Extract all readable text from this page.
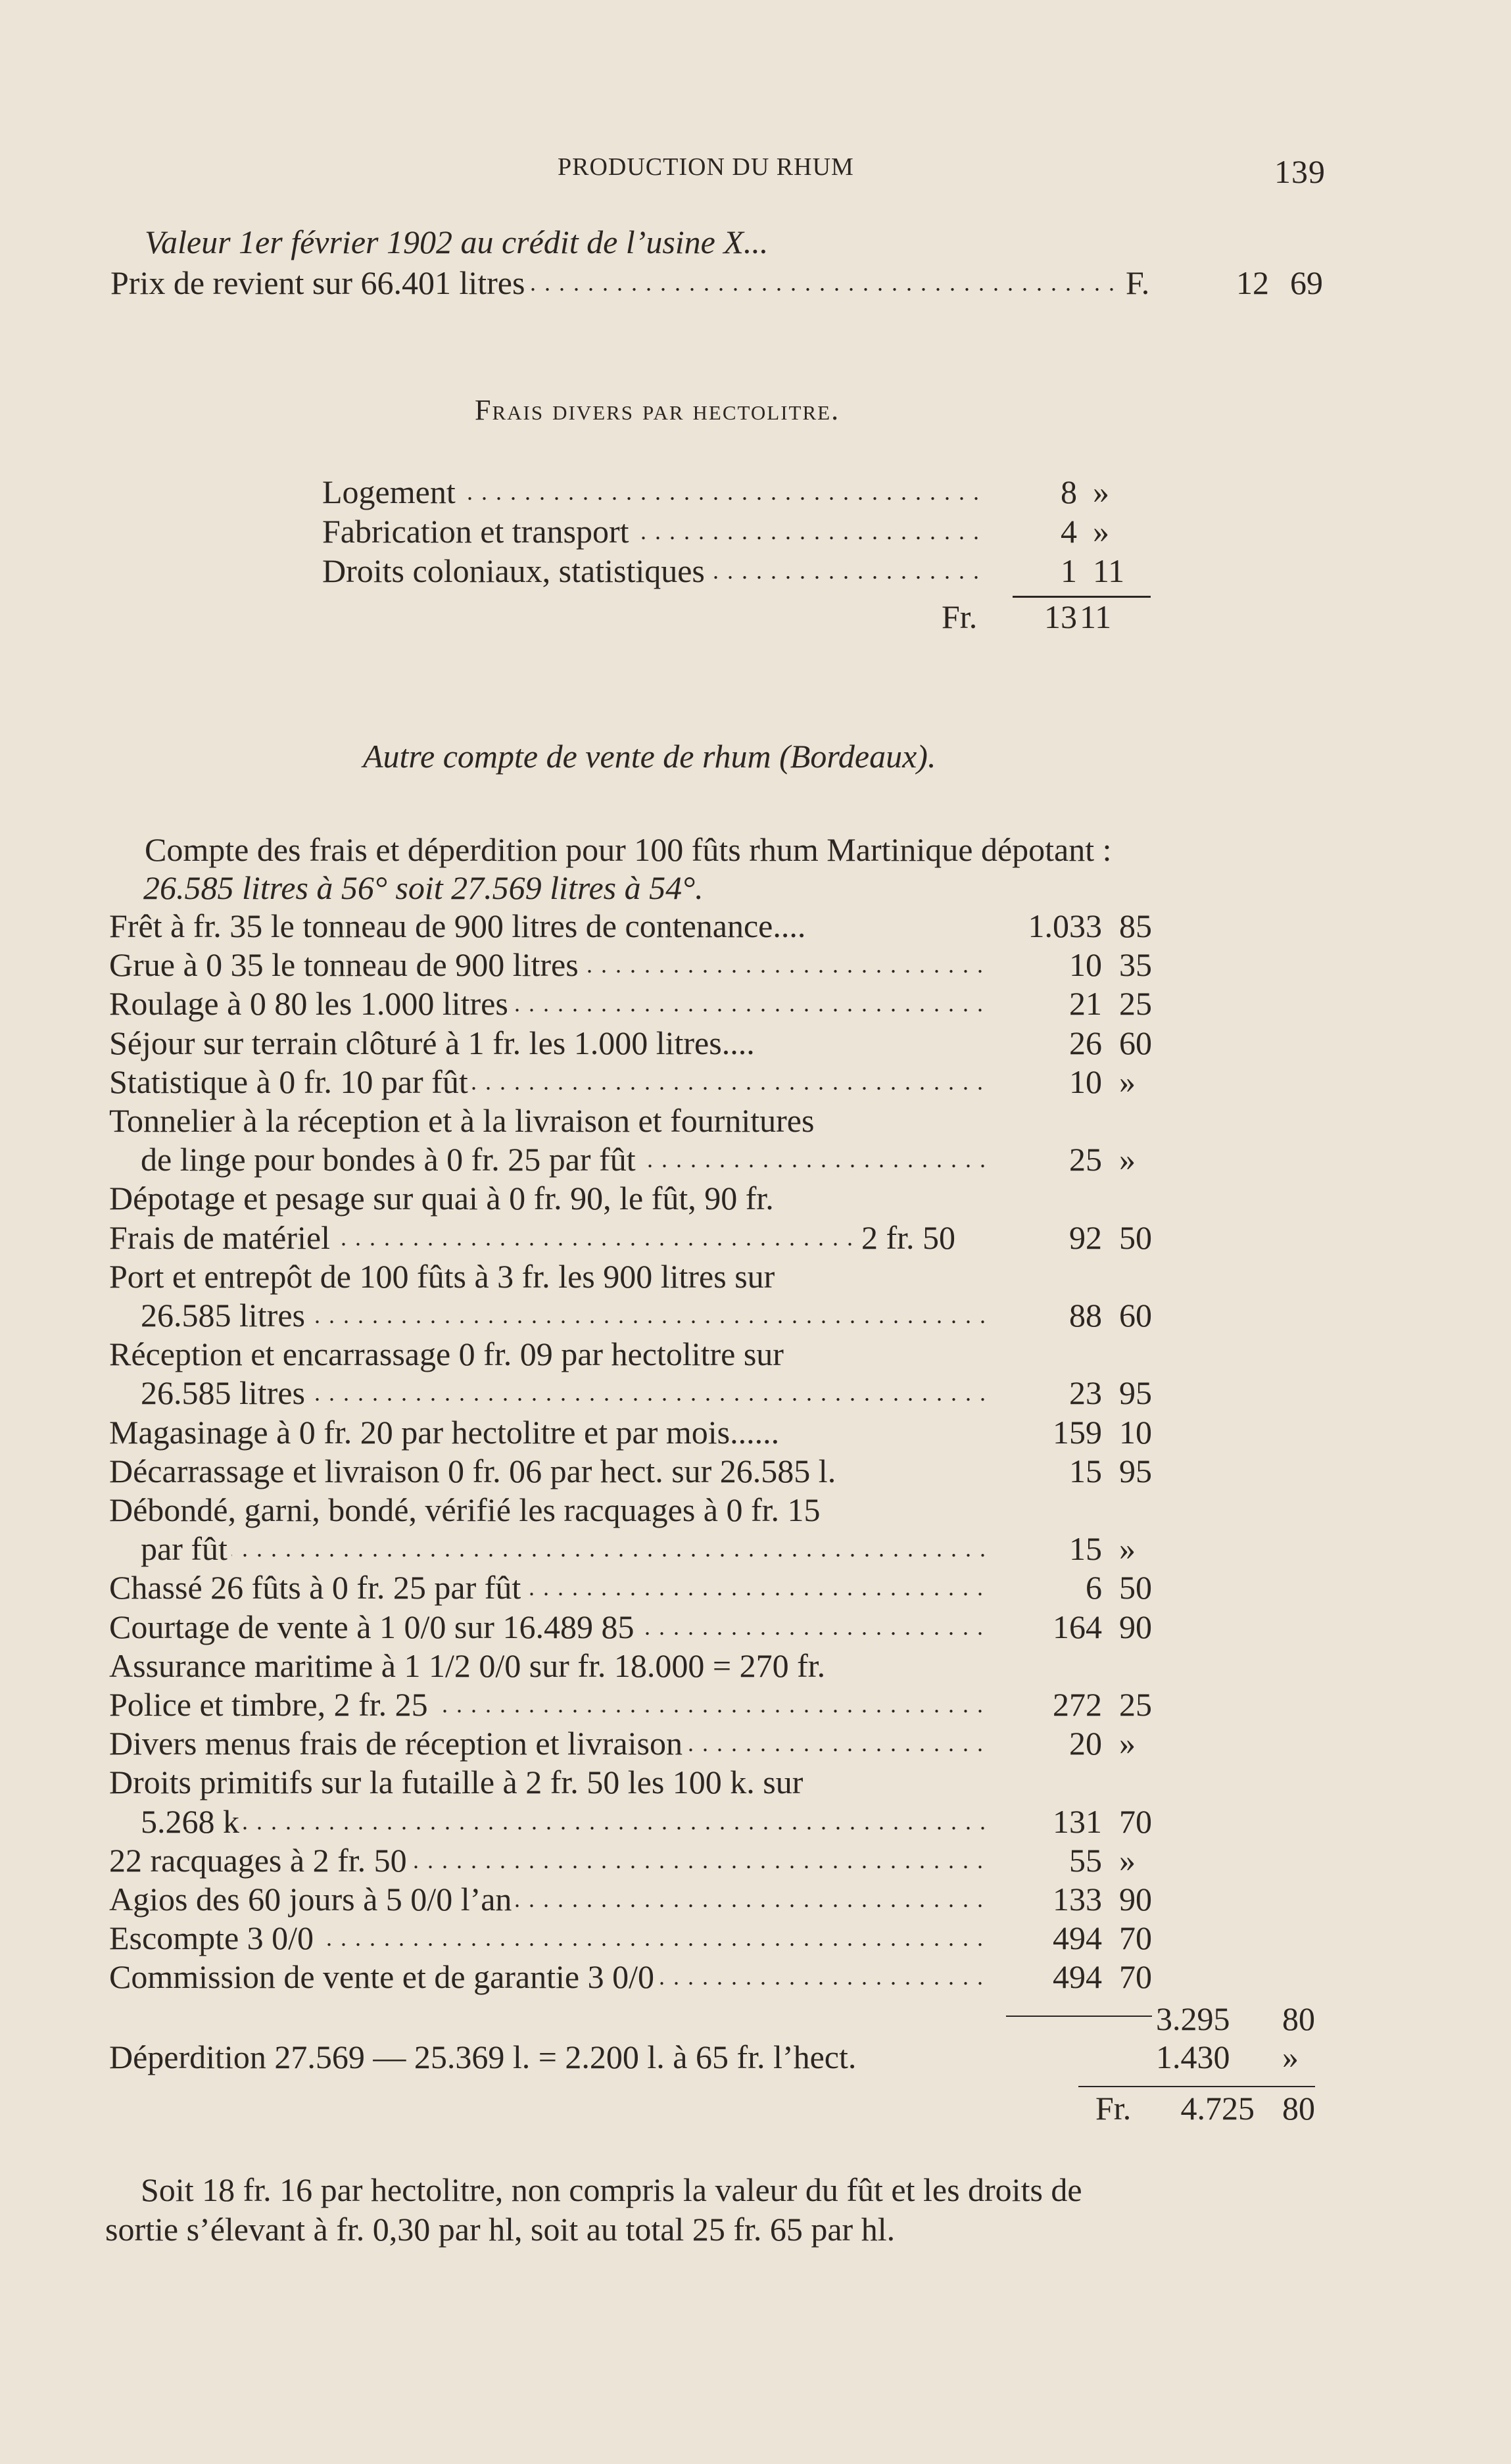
PRODUCTION DU RHUM	139
Valeur 1er février 1902 au crédit de l’usine X...
Prix de revient sur 66.401 litres . . .	F.	12 69
Frais divers par hectolitre.
Logement . . .	8 »
Fabrication et transport . . .	4 »
Droits coloniaux, statistiques . . .	1 11
Fr.	13 11
Autre compte de vente de rhum (Bordeaux).
Compte des frais et déperdition pour 100 fûts rhum Martinique dépotant :
26.585 litres à 56° soit 27.569 litres à 54°.
Frêt à fr. 35 le tonneau de 900 litres de contenance....	1.033 85
Grue à 0 35 le tonneau de 900 litres . . .	10 35
Roulage à 0 80 les 1.000 litres . . .	21 25
Séjour sur terrain clôturé à 1 fr. les 1.000 litres....	26 60
Statistique à 0 fr. 10 par fût . . .	10 »
Tonnelier à la réception et à la livraison et fournitures
de linge pour bondes à 0 fr. 25 par fût . . .	25 »
Dépotage et pesage sur quai à 0 fr. 90, le fût, 90 fr.
Frais de matériel . . .	2 fr. 50	92 50
Port et entrepôt de 100 fûts à 3 fr. les 900 litres sur
26.585 litres . . .	88 60
Réception et encarrassage 0 fr. 09 par hectolitre sur
26.585 litres . . .	23 95
Magasinage à 0 fr. 20 par hectolitre et par mois......	159 10
Décarrassage et livraison 0 fr. 06 par hect. sur 26.585 l.	15 95
Débondé, garni, bondé, vérifié les racquages à 0 fr. 15
par fût . . .	15 »
Chassé 26 fûts à 0 fr. 25 par fût . . .	6 50
Courtage de vente à 1 0/0 sur 16.489 85 . . .	164 90
Assurance maritime à 1 1/2 0/0 sur fr. 18.000 = 270 fr.
Police et timbre, 2 fr. 25 . . .	272 25
Divers menus frais de réception et livraison . . .	20 »
Droits primitifs sur la futaille à 2 fr. 50 les 100 k. sur
5.268 k . . .	131 70
22 racquages à 2 fr. 50 . . .	55 »
Agios des 60 jours à 5 0/0 l’an . . .	133 90
Escompte 3 0/0 . . .	494 70
Commission de vente et de garantie 3 0/0 . . .	494 70
3.295 80
Déperdition 27.569 — 25.369 l. = 2.200 l. à 65 fr. l’hect.	1.430 »
Fr.	4.725 80
Soit 18 fr. 16 par hectolitre, non compris la valeur du fût et les droits de
sortie s’élevant à fr. 0,30 par hl, soit au total 25 fr. 65 par hl.
